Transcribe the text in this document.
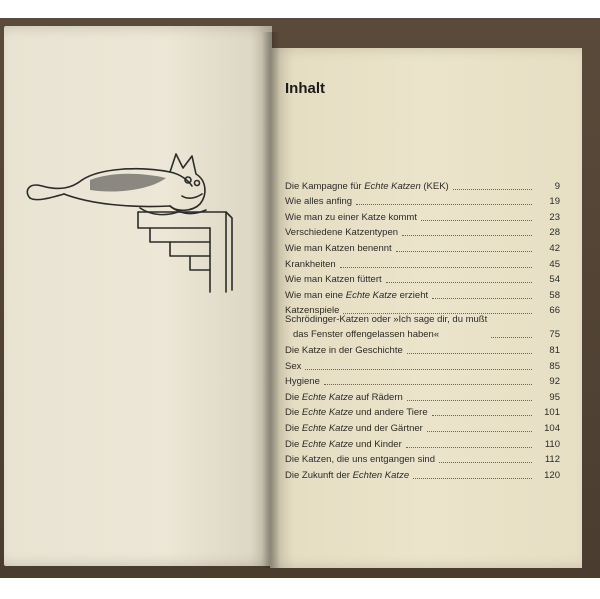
Inhalt
Die Kampagne für Echte Katzen (KEK)	9
Wie alles anfing	19
Wie man zu einer Katze kommt	23
Verschiedene Katzentypen	28
Wie man Katzen benennt	42
Krankheiten	45
Wie man Katzen füttert	54
Wie man eine Echte Katze erzieht	58
Katzenspiele	66
Schrödinger-Katzen oder »Ich sage dir, du mußt
das Fenster offengelassen haben«	75
Die Katze in der Geschichte	81
Sex	85
Hygiene	92
Die Echte Katze auf Rädern	95
Die Echte Katze und andere Tiere	101
Die Echte Katze und der Gärtner	104
Die Echte Katze und Kinder	110
Die Katzen, die uns entgangen sind	112
Die Zukunft der Echten Katze	120
